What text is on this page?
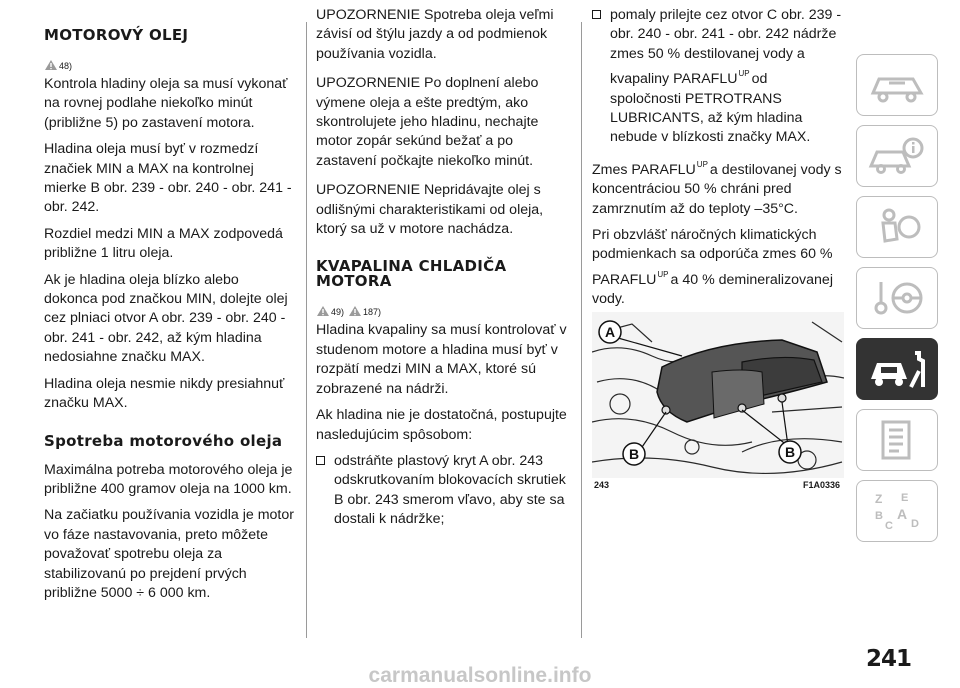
MOTOROVÝ OLEJ
48)

Kontrola hladiny oleja sa musí vykonať na rovnej podlahe niekoľko minút (približne 5) po zastavení motora.

Hladina oleja musí byť v rozmedzí značiek MIN a MAX na kontrolnej mierke B obr. 239 - obr. 240 - obr. 241 - obr. 242.

Rozdiel medzi MIN a MAX zodpovedá približne 1 litru oleja.

Ak je hladina oleja blízko alebo dokonca pod značkou MIN, dolejte olej cez plniaci otvor A obr. 239 - obr. 240 - obr. 241 - obr. 242, až kým hladina nedosiahne značku MAX.

Hladina oleja nesmie nikdy presiahnuť značku MAX.

Spotreba motorového oleja

Maximálna potreba motorového oleja je približne 400 gramov oleja na 1000 km.

Na začiatku používania vozidla je motor vo fáze nastavovania, preto môžete považovať spotrebu oleja za stabilizovanú po prejdení prvých približne 5000 ÷ 6 000 km.

UPOZORNENIE Spotreba oleja veľmi závisí od štýlu jazdy a od podmienok používania vozidla.

UPOZORNENIE Po doplnení alebo výmene oleja a ešte predtým, ako skontrolujete jeho hladinu, nechajte motor zopár sekúnd bežať a po zastavení počkajte niekoľko minút.

UPOZORNENIE Nepridávajte olej s odlišnými charakteristikami od oleja, ktorý sa už v motore nachádza.

KVAPALINA CHLADIČA MOTORA
49) 187)

Hladina kvapaliny sa musí kontrolovať v studenom motore a hladina musí byť v rozpätí medzi MIN a MAX, ktoré sú zobrazené na nádrži.

Ak hladina nie je dostatočná, postupujte nasledujúcim spôsobom:

odstráňte plastový kryt A obr. 243 odskrutkovaním blokovacích skrutiek B obr. 243 smerom vľavo, aby ste sa dostali k nádržke;
pomaly prilejte cez otvor C obr. 239 - obr. 240 - obr. 241 - obr. 242 nádrže zmes 50 % destilovanej vody a kvapaliny $PARAFLU^{UP}$ od spoločnosti PETROTRANS LUBRICANTS, až kým hladina nebude v blízkosti značky MAX.

Zmes $PARAFLU^{UP}$ a destilovanej vody s koncentráciou 50 % chráni pred zamrznutím až do teploty –35°C.

Pri obzvlášť náročných klimatických podmienkach sa odporúča zmes 60 % $PARAFLU^{UP}$ a 40 % demineralizovanej vody.

A
B	B
243	F1A0336
Z E
B A
C D
241
carmanualsonline.info
